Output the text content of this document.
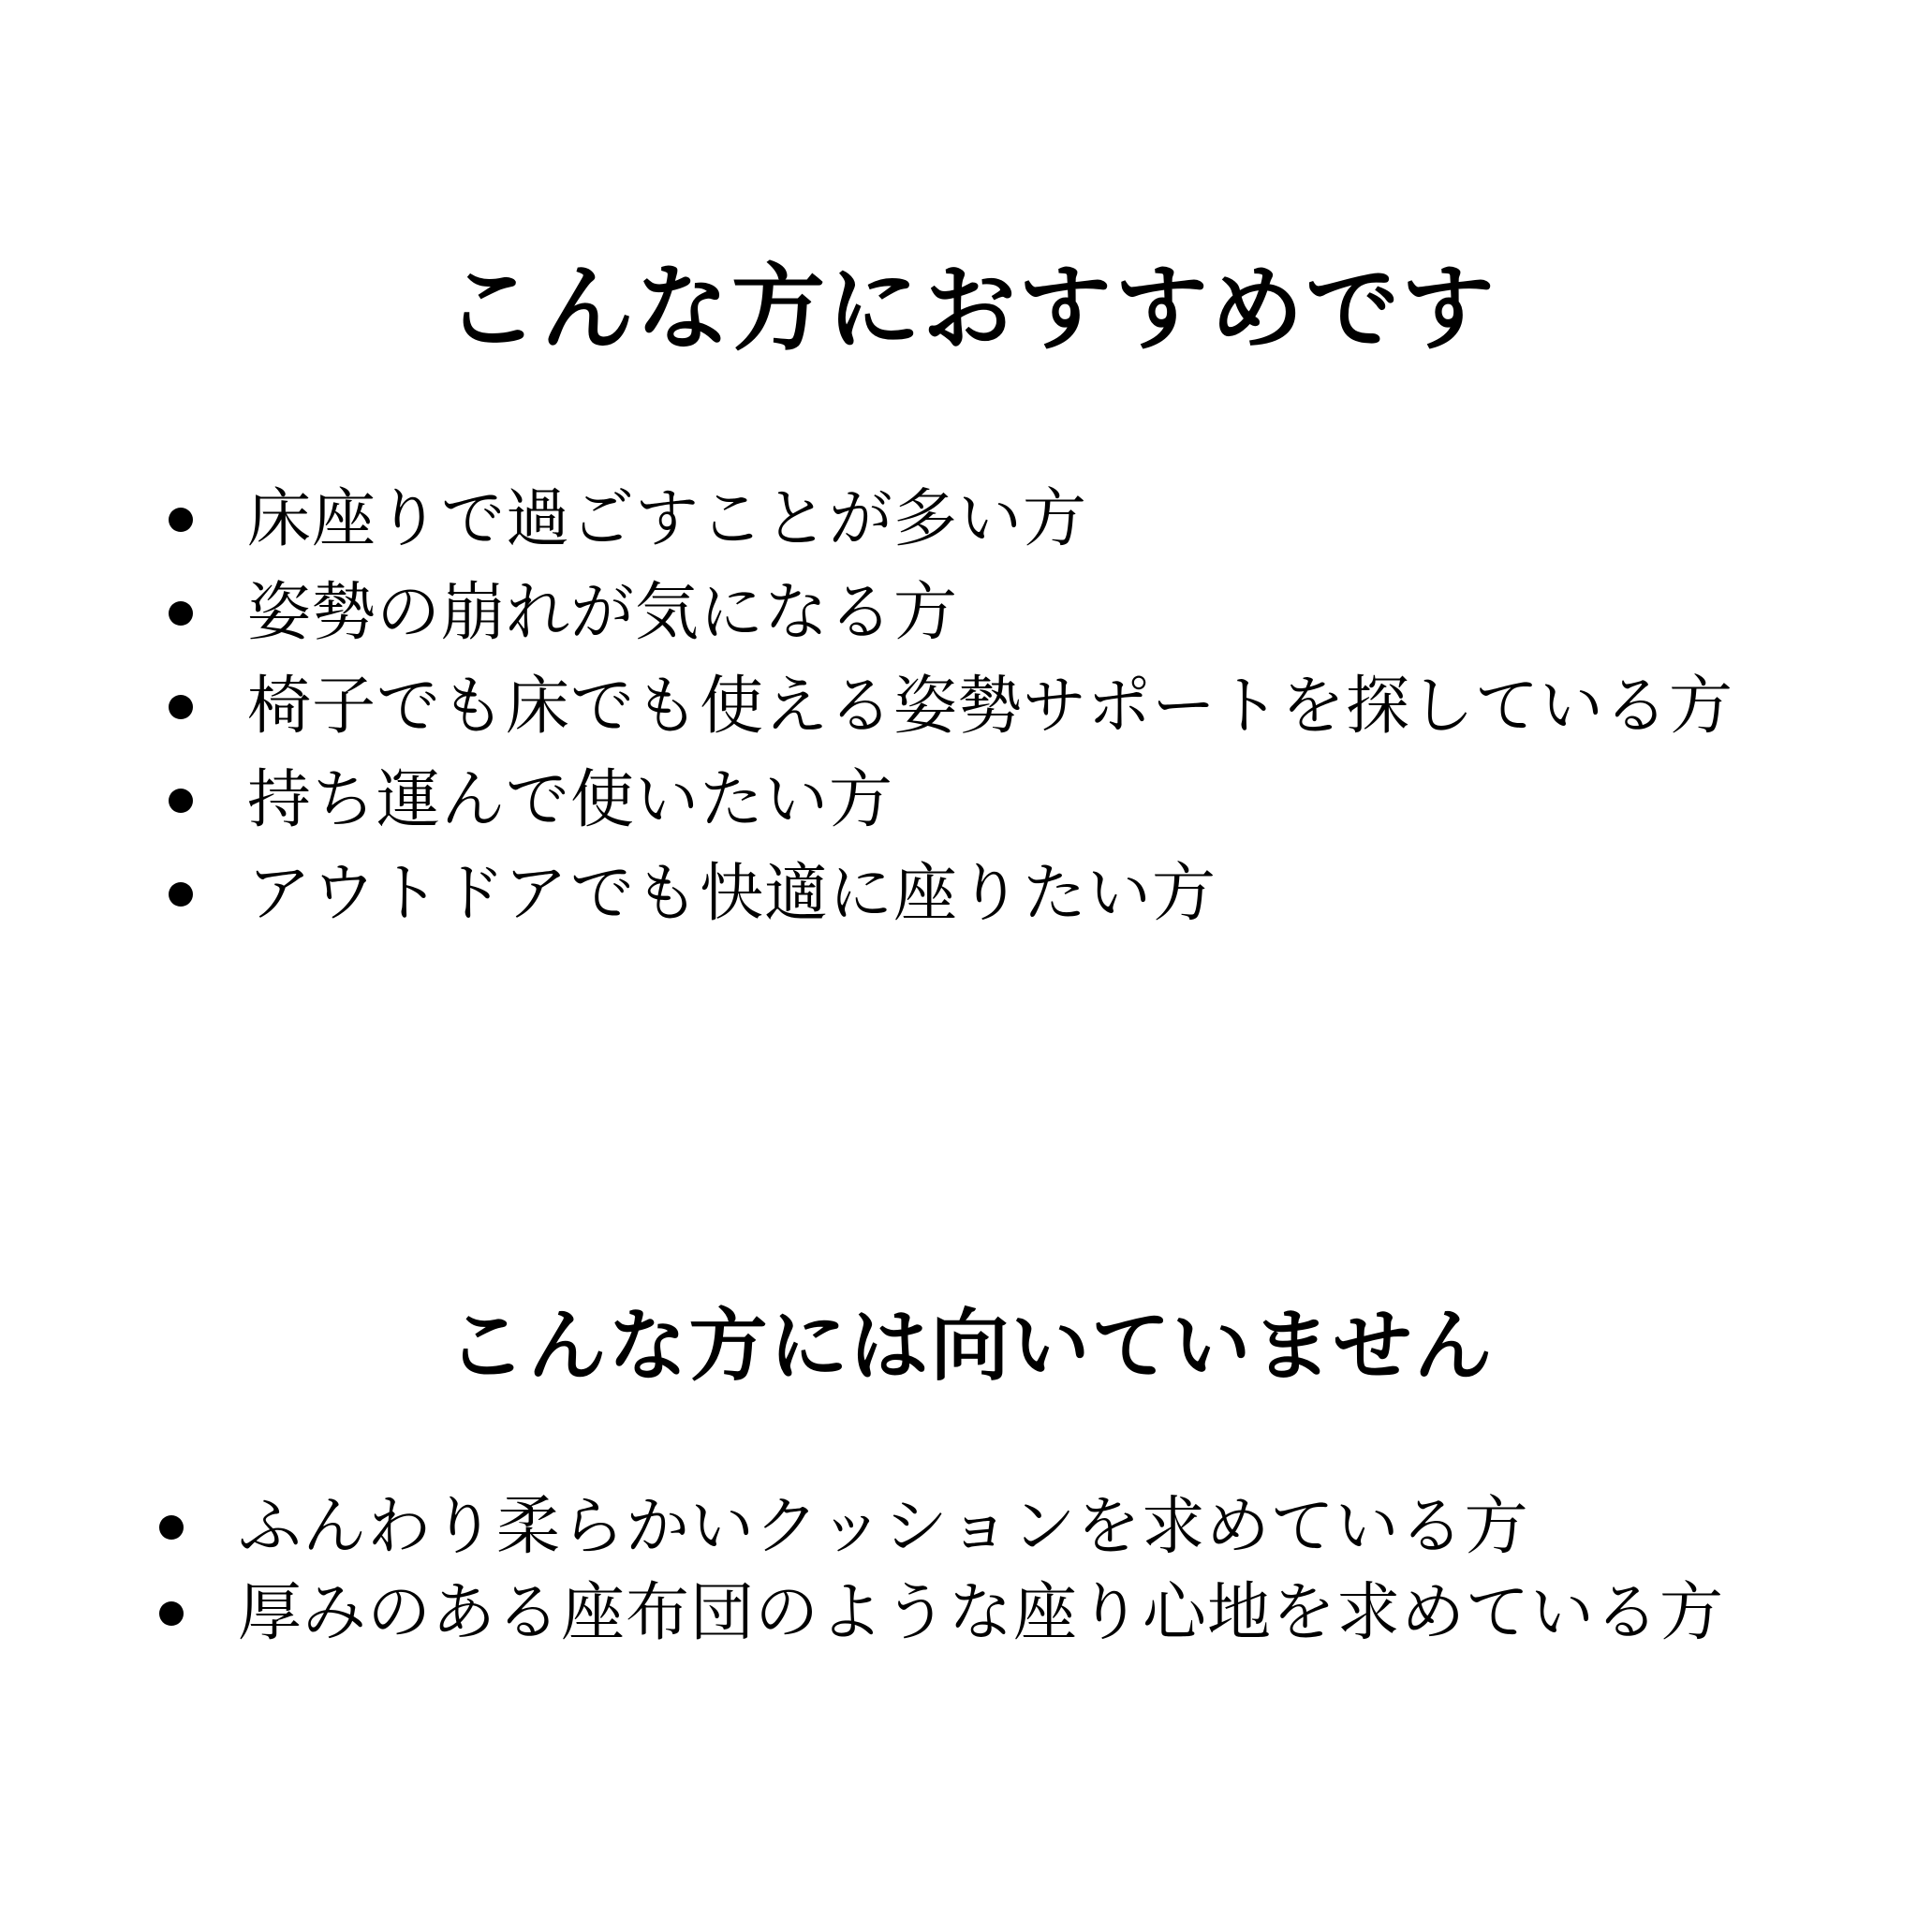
こんな方におすすめです
床座りで過ごすことが多い方
姿勢の崩れが気になる方
椅子でも床でも使える姿勢サポートを探している方
持ち運んで使いたい方
アウトドアでも快適に座りたい方
こんな方には向いていません
ふんわり柔らかいクッションを求めている方
厚みのある座布団のような座り心地を求めている方
